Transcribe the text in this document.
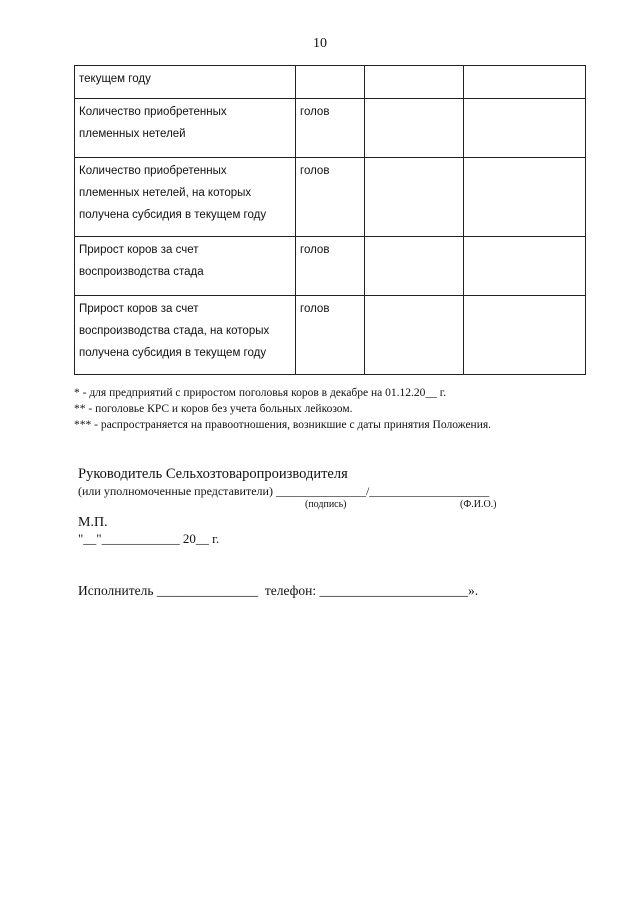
10
текущем году			

Количество приобретенных
племенных нетелей	голов		

Количество приобретенных
племенных нетелей, на которых
получена субсидия в текущем году	голов		

Прирост коров за счет
воспроизводства стада	голов		

Прирост коров за счет
воспроизводства стада, на которых
получена субсидия в текущем году	голов		

* - для предприятий с приростом поголовья коров в декабре на 01.12.20__ г.
** - поголовье КРС и коров без учета больных лейкозом.
*** - распространяется на правоотношения, возникшие с даты принятия Положения.
Руководитель Сельхозтоваропроизводителя
(или уполномоченные представители) _______________/____________________
(подпись)	(Ф.И.О.)
М.П.
"__"____________ 20__ г.
Исполнитель _______________  телефон: ______________________».
